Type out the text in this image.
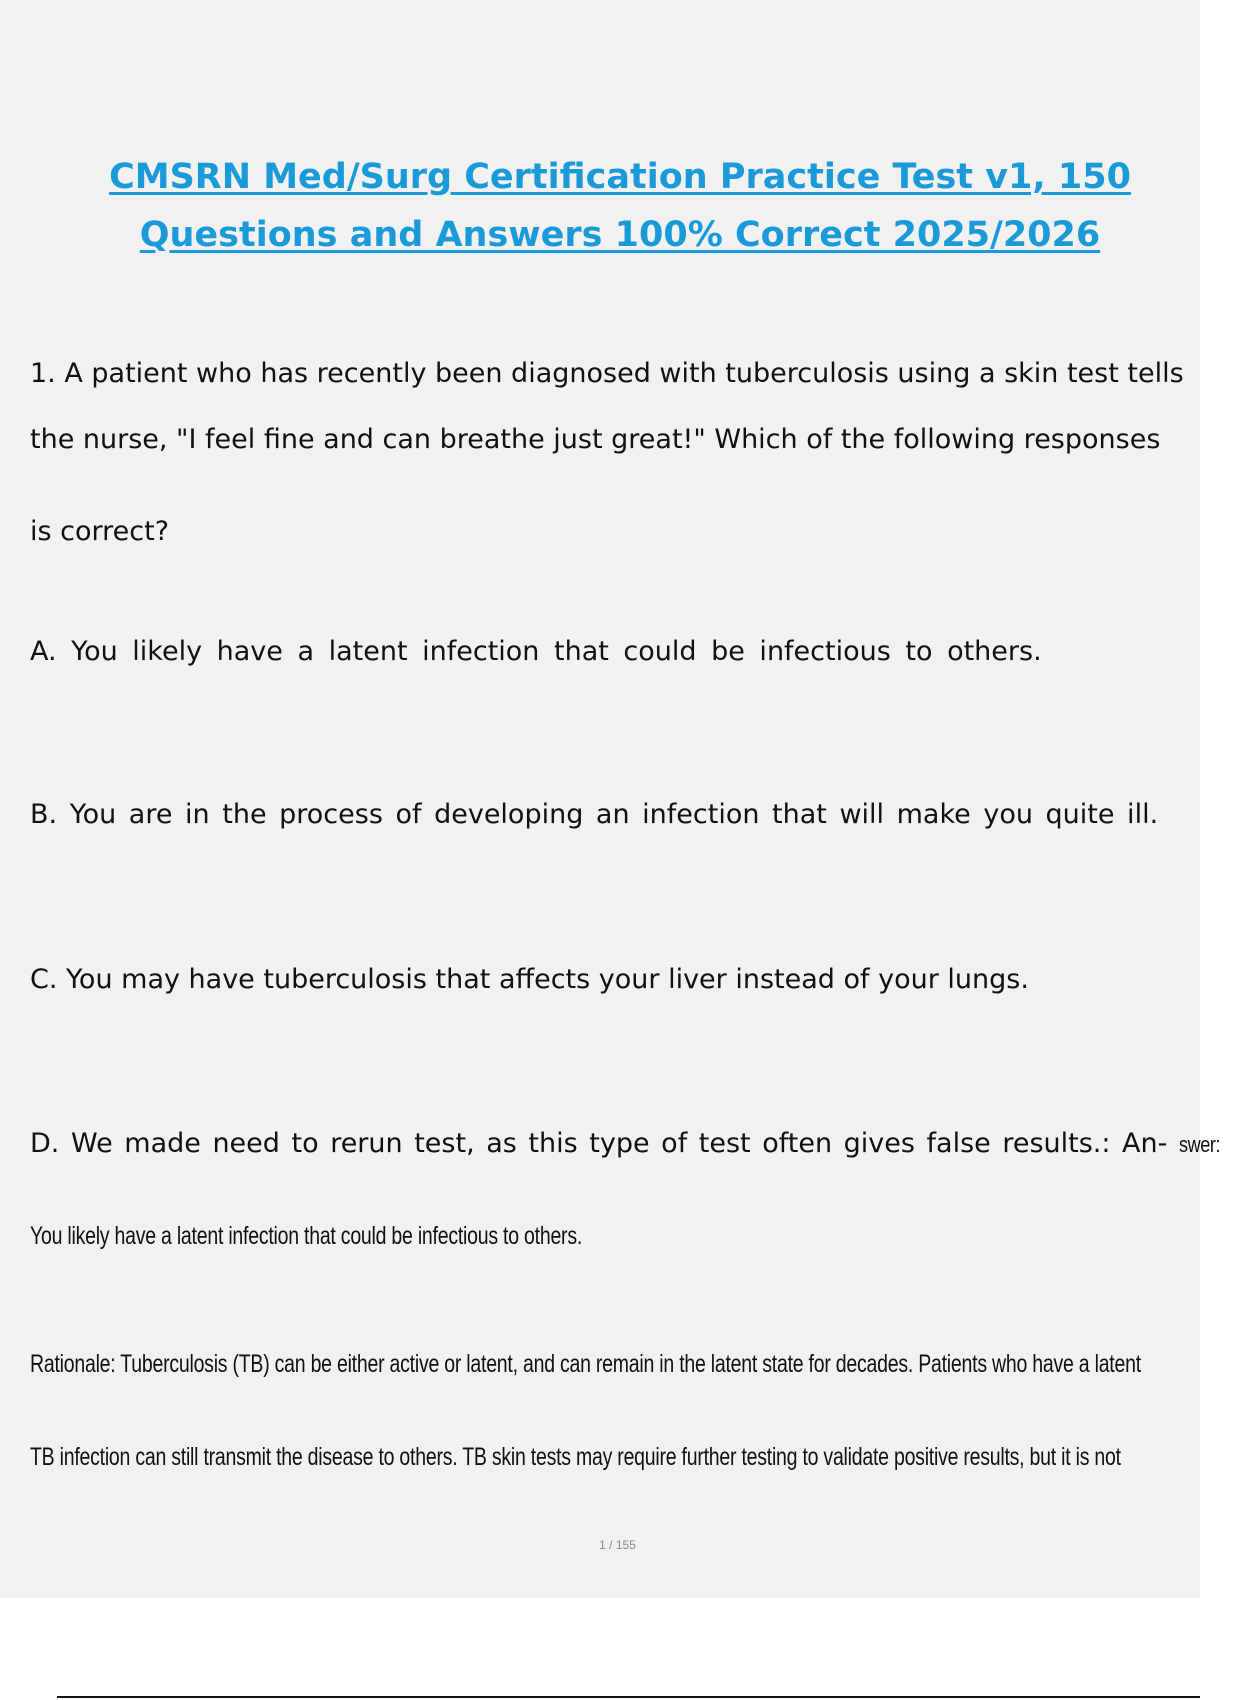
CMSRN Med/Surg Certification Practice Test v1, 150
Questions and Answers 100% Correct 2025/2026
1. A patient who has recently been diagnosed with tuberculosis using a skin test tells
the nurse, "I feel fine and can breathe just great!" Which of the following responses
is correct?
A. You likely have a latent infection that could be infectious to others.
B. You are in the process of developing an infection that will make you quite ill.
C. You may have tuberculosis that affects your liver instead of your lungs.
D. We made need to rerun test, as this type of test often gives false results.: An- swer:
You likely have a latent infection that could be infectious to others.
Rationale: Tuberculosis (TB) can be either active or latent, and can remain in the latent state for decades. Patients who have a latent
TB infection can still transmit the disease to others. TB skin tests may require further testing to validate positive results, but it is not
1 / 155
